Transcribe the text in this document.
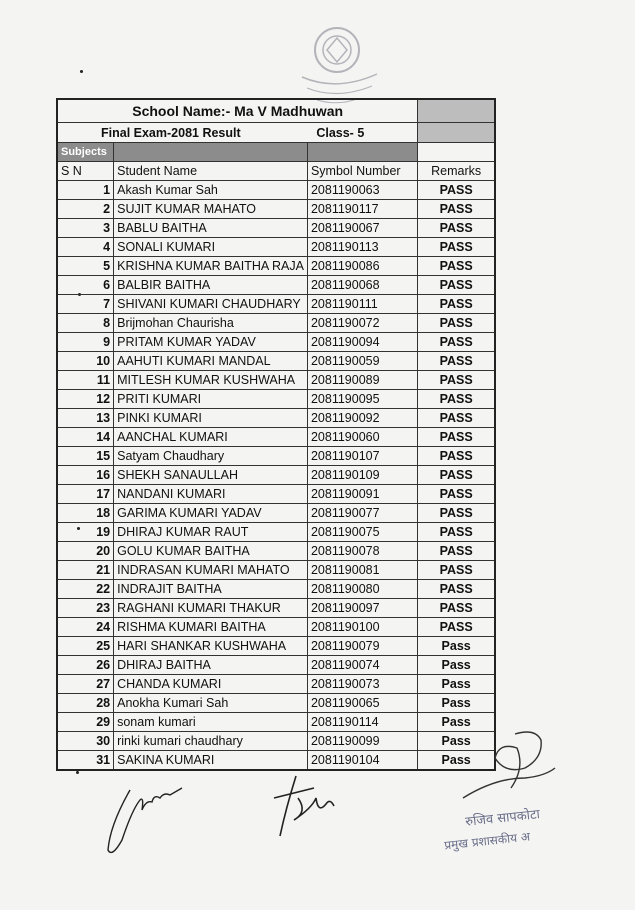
School Name:- Ma V Madhuwan			

Final Exam-2081 Result Class- 5			

Subjects			
S N	Student Name	Symbol Number	Remarks
1	Akash Kumar Sah	2081190063	PASS
2	SUJIT KUMAR MAHATO	2081190117	PASS
3	BABLU BAITHA	2081190067	PASS
4	SONALI KUMARI	2081190113	PASS
5	KRISHNA KUMAR BAITHA RAJA	2081190086	PASS
6	BALBIR BAITHA	2081190068	PASS
7	SHIVANI KUMARI CHAUDHARY	2081190111	PASS
8	Brijmohan Chaurisha	2081190072	PASS
9	PRITAM KUMAR YADAV	2081190094	PASS
10	AAHUTI KUMARI MANDAL	2081190059	PASS
11	MITLESH KUMAR KUSHWAHA	2081190089	PASS
12	PRITI KUMARI	2081190095	PASS
13	PINKI KUMARI	2081190092	PASS
14	AANCHAL KUMARI	2081190060	PASS
15	Satyam Chaudhary	2081190107	PASS
16	SHEKH SANAULLAH	2081190109	PASS
17	NANDANI KUMARI	2081190091	PASS
18	GARIMA KUMARI YADAV	2081190077	PASS
19	DHIRAJ KUMAR RAUT	2081190075	PASS
20	GOLU KUMAR BAITHA	2081190078	PASS
21	INDRASAN KUMARI MAHATO	2081190081	PASS
22	INDRAJIT BAITHA	2081190080	PASS
23	RAGHANI KUMARI THAKUR	2081190097	PASS
24	RISHMA KUMARI BAITHA	2081190100	PASS
25	HARI SHANKAR KUSHWAHA	2081190079	Pass
26	DHIRAJ BAITHA	2081190074	Pass
27	CHANDA KUMARI	2081190073	Pass
28	Anokha Kumari Sah	2081190065	Pass
29	sonam kumari	2081190114	Pass
30	rinki kumari chaudhary	2081190099	Pass
31	SAKINA KUMARI	2081190104	Pass
रुजिव सापकोटा
प्रमुख प्रशासकीय अ
